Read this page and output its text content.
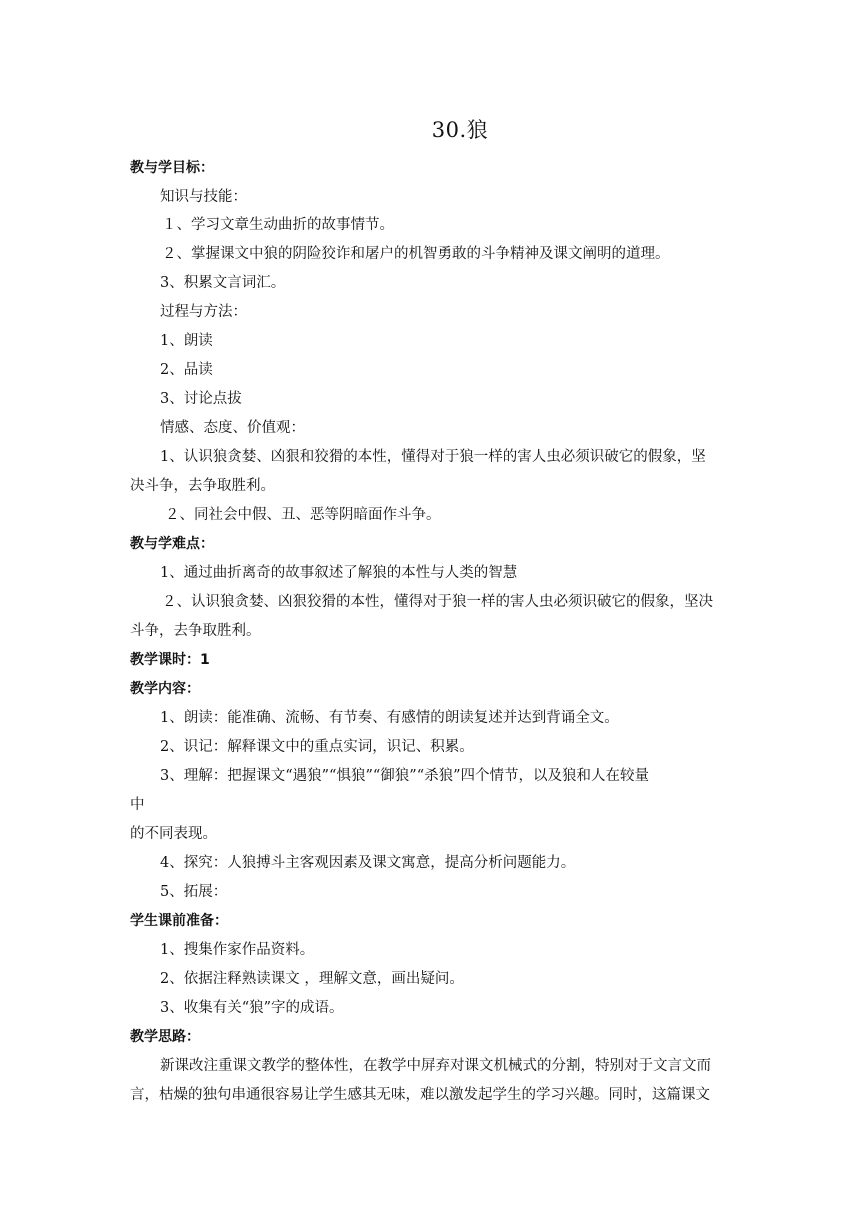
30.狼
教与学目标：
知识与技能：
１、学习文章生动曲折的故事情节。
２、掌握课文中狼的阴险狡诈和屠户的机智勇敢的斗争精神及课文阐明的道理。
3、积累文言词汇。
过程与方法：
1、朗读
2、品读
3、讨论点拔
情感、态度、价值观：
1、认识狼贪婪、凶狠和狡猾的本性，懂得对于狼一样的害人虫必须识破它的假象，坚
决斗争，去争取胜利。
２、同社会中假、丑、恶等阴暗面作斗争。
教与学难点：
1、通过曲折离奇的故事叙述了解狼的本性与人类的智慧
２、认识狼贪婪、凶狠狡猾的本性，懂得对于狼一样的害人虫必须识破它的假象，坚决
斗争，去争取胜利。
教学课时：1
教学内容：
1、朗读：能准确、流畅、有节奏、有感情的朗读复述并达到背诵全文。
2、识记：解释课文中的重点实词，识记、积累。
3、理解：把握课文“遇狼”“惧狼”“御狼”“杀狼”四个情节，以及狼和人在较量
中
的不同表现。
4、探究：人狼搏斗主客观因素及课文寓意，提高分析问题能力。
5、拓展：
学生课前准备：
1、搜集作家作品资料。
2、依据注释熟读课文 ，理解文意，画出疑问。
3、收集有关“狼”字的成语。
教学思路：
新课改注重课文教学的整体性，在教学中屏弃对课文机械式的分割，特别对于文言文而
言，枯燥的独句串通很容易让学生感其无味，难以激发起学生的学习兴趣。同时，这篇课文
